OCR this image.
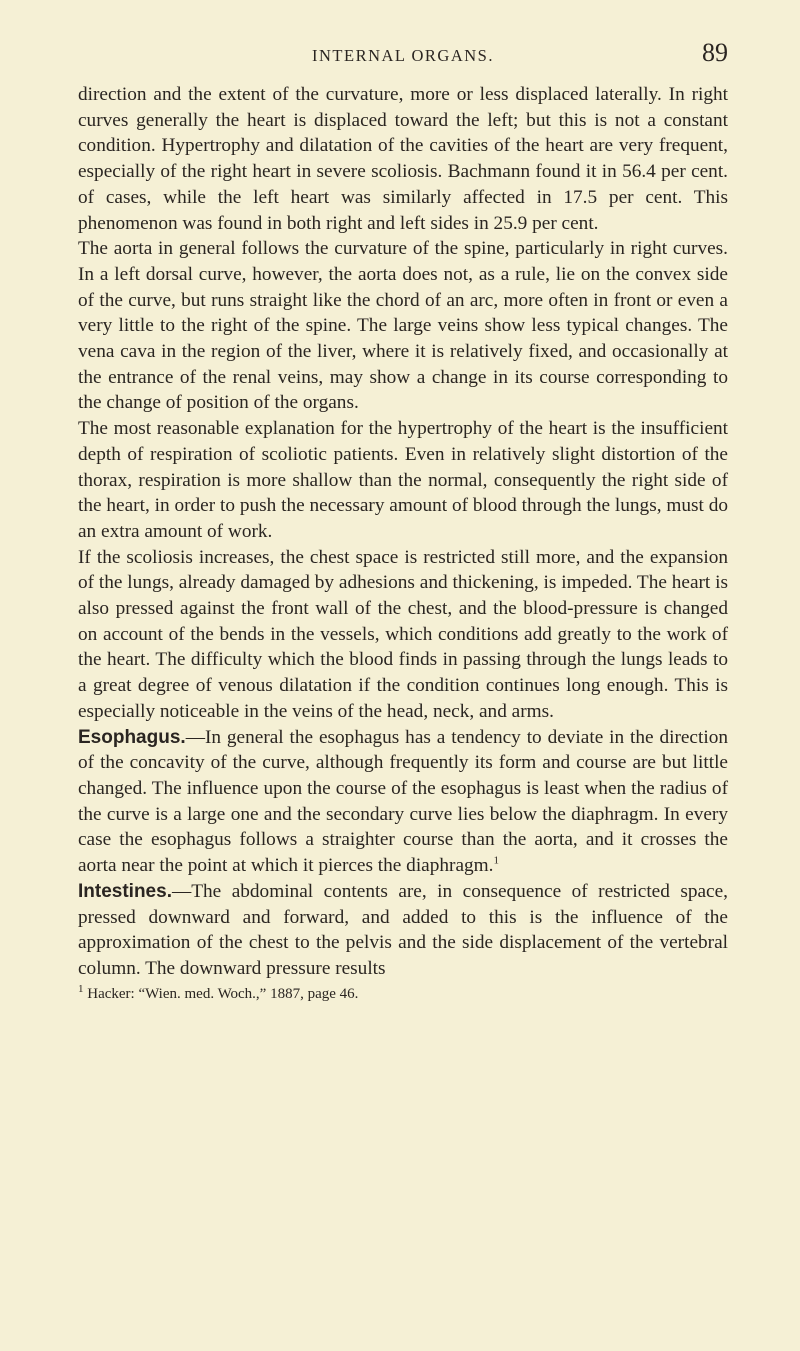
INTERNAL ORGANS.	89

direction and the extent of the curvature, more or less displaced laterally. In right curves generally the heart is displaced toward the left; but this is not a constant condition. Hypertrophy and dilatation of the cavities of the heart are very frequent, especially of the right heart in severe scoliosis. Bachmann found it in 56.4 per cent. of cases, while the left heart was similarly affected in 17.5 per cent. This phenomenon was found in both right and left sides in 25.9 per cent.

The aorta in general follows the curvature of the spine, particularly in right curves. In a left dorsal curve, however, the aorta does not, as a rule, lie on the convex side of the curve, but runs straight like the chord of an arc, more often in front or even a very little to the right of the spine. The large veins show less typical changes. The vena cava in the region of the liver, where it is relatively fixed, and occasionally at the entrance of the renal veins, may show a change in its course corresponding to the change of position of the organs.

The most reasonable explanation for the hypertrophy of the heart is the insufficient depth of respiration of scoliotic patients. Even in relatively slight distortion of the thorax, respiration is more shallow than the normal, consequently the right side of the heart, in order to push the necessary amount of blood through the lungs, must do an extra amount of work.

If the scoliosis increases, the chest space is restricted still more, and the expansion of the lungs, already damaged by adhesions and thickening, is impeded. The heart is also pressed against the front wall of the chest, and the blood-pressure is changed on account of the bends in the vessels, which conditions add greatly to the work of the heart. The difficulty which the blood finds in passing through the lungs leads to a great degree of venous dilatation if the condition continues long enough. This is especially noticeable in the veins of the head, neck, and arms.

Esophagus.—In general the esophagus has a tendency to deviate in the direction of the concavity of the curve, although frequently its form and course are but little changed. The influence upon the course of the esophagus is least when the radius of the curve is a large one and the secondary curve lies below the diaphragm. In every case the esophagus follows a straighter course than the aorta, and it crosses the aorta near the point at which it pierces the diaphragm.$^1$

Intestines.—The abdominal contents are, in consequence of restricted space, pressed downward and forward, and added to this is the influence of the approximation of the chest to the pelvis and the side displacement of the vertebral column. The downward pressure results

$^1$ Hacker: “Wien. med. Woch.,” 1887, page 46.
